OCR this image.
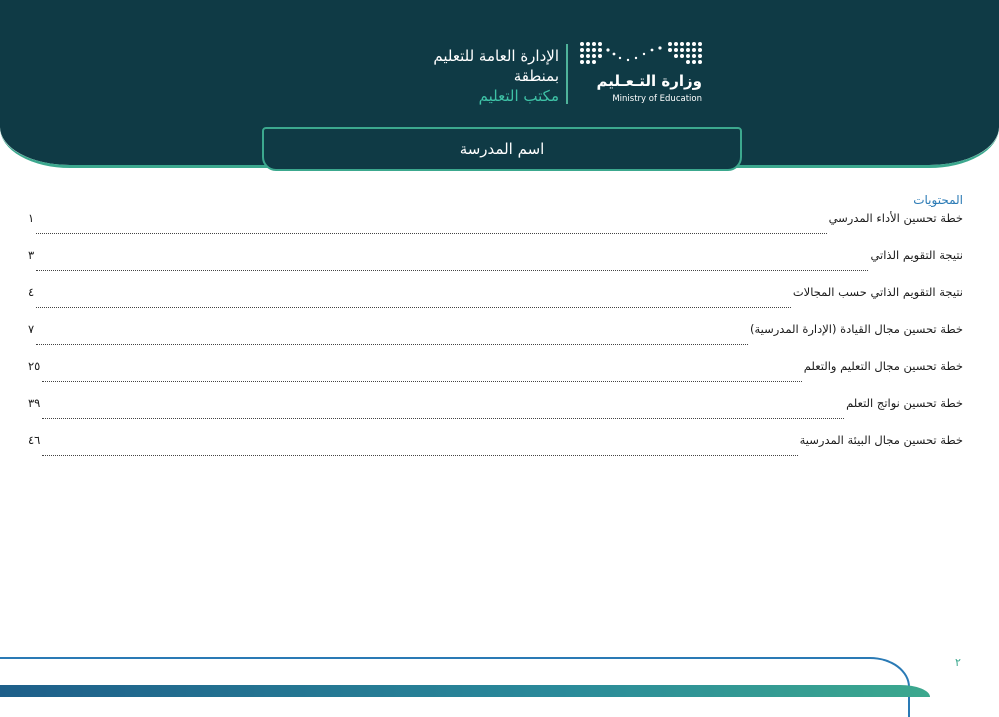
وزارة التـعـليم
Ministry of Education
الإدارة العامة للتعليم
بمنطقة
مكتب التعليم
اسم المدرسة
المحتويات
خطة تحسين الأداء المدرسي
١
نتيجة التقويم الذاتي
٣
نتيجة التقويم الذاتي حسب المجالات
٤
خطة تحسين مجال القيادة (الإدارة المدرسية)
٧
خطة تحسين مجال التعليم والتعلم
٢٥
خطة تحسين نواتج التعلم
٣٩
خطة تحسين مجال البيئة المدرسية
٤٦
٢
